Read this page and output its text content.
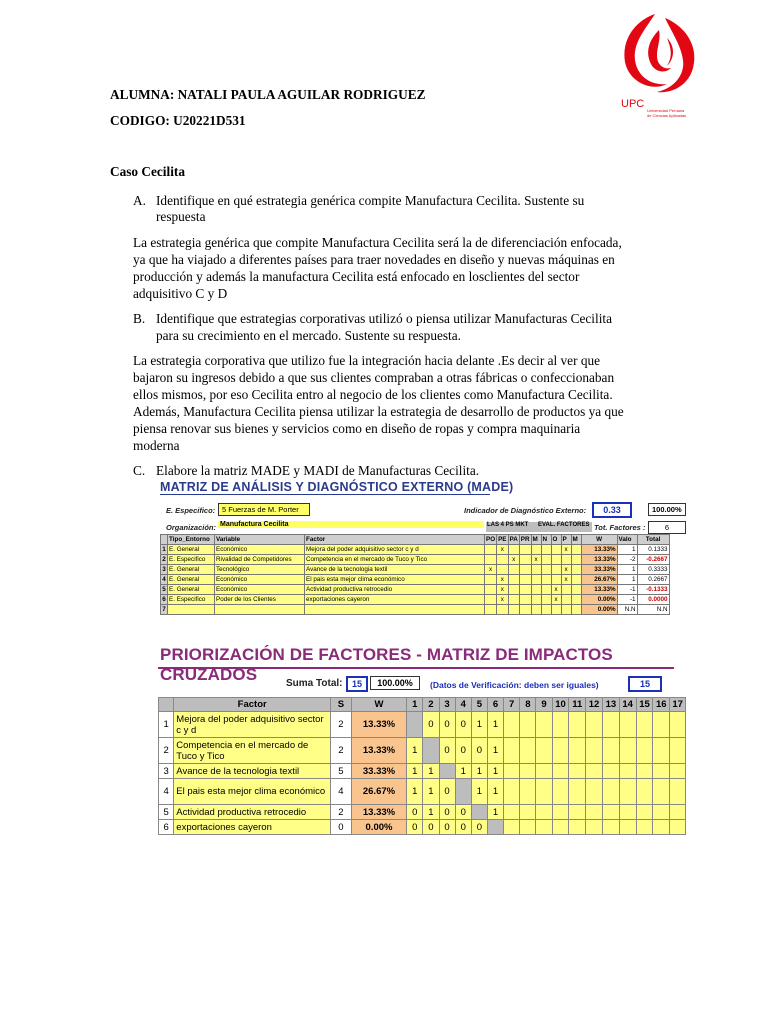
UPC
Universidad Peruana
de Ciencias Aplicadas
ALUMNA: NATALI PAULA AGUILAR RODRIGUEZ
CODIGO: U20221D531
Caso Cecilita
A. Identifique en qué estrategia genérica compite Manufactura Cecilita. Sustente su
respuesta
La estrategia genérica que compite Manufactura Cecilita será la de diferenciación enfocada,
ya que ha viajado a diferentes países para traer novedades en diseño y nuevas máquinas en
producción y además la manufactura Cecilita está enfocado en losclientes del sector
adquisitivo C y D
B. Identifique que estrategias corporativas utilizó o piensa utilizar Manufacturas Cecilita
para su crecimiento en el mercado. Sustente su respuesta.
La estrategia corporativa que utilizo fue la integración hacia delante .Es decir al ver que
bajaron su ingresos debido a que sus clientes compraban a otras fábricas o confeccionaban
ellos mismos, por eso Cecilita entro al negocio de los clientes como Manufactura Cecilita.
Además, Manufactura Cecilita piensa utilizar la estrategia de desarrollo de productos ya que
piensa renovar sus bienes y servicios como en diseño de ropas y compra maquinaria
moderna
C. Elabore la matriz MADE y MADI de Manufacturas Cecilita.
MATRIZ DE ANÁLISIS Y DIAGNÓSTICO EXTERNO (MADE)
E. Especifico: 5 Fuerzas de M. Porter	Indicador de Diagnóstico Externo:	0.33	100.00%
Organización: Manufactura Cecilita	LAS 4 PS MKT	EVAL. FACTORES Tot. Factores :	6
	Tipo_Entorno	Variable	Factor	PO	PE	PA	PR	M	N	O	P	M	W	Valo	Total
1	E. General	Económico	Mejora del poder adquisitivo sector c y d		x						x		13.33%	1	0.1333
2	E. Especifico	Rivalidad de Competidores	Competencia en el mercado de Tuco y Tico			x		x					13.33%	-2	-0.2667
3	E. General	Tecnológico	Avance de la tecnologia textil	x							x		33.33%	1	0.3333
4	E. General	Económico	El pais esta mejor clima económico		x						x		26.67%	1	0.2667
5	E. General	Económico	Actividad productiva retrocedio		x					x			13.33%	-1	-0.1333
6	E. Especifico	Poder de los Clientes	exportaciones cayeron		x					x			0.00%	-1	0.0000
7													0.00%	N.N	N.N
PRIORIZACIÓN DE FACTORES - MATRIZ DE IMPACTOS CRUZADOS	Suma Total:	15	100.00%	(Datos de Verificación: deben ser iguales)	15
	Factor	S	W	1	2	3	4	5	6	7	8	9	10	11	12	13	14	15	16	17
1	Mejora del poder adquisitivo sector c y d	2	13.33%		0	0	0	1	1											
2	Competencia en el mercado de Tuco y Tico	2	13.33%	1		0	0	0	1											
3	Avance de la tecnologia textil	5	33.33%	1	1		1	1	1											
4	El pais esta mejor clima económico	4	26.67%	1	1	0		1	1											
5	Actividad productiva retrocedio	2	13.33%	0	1	0	0		1											
6	exportaciones cayeron	0	0.00%	0	0	0	0	0												
